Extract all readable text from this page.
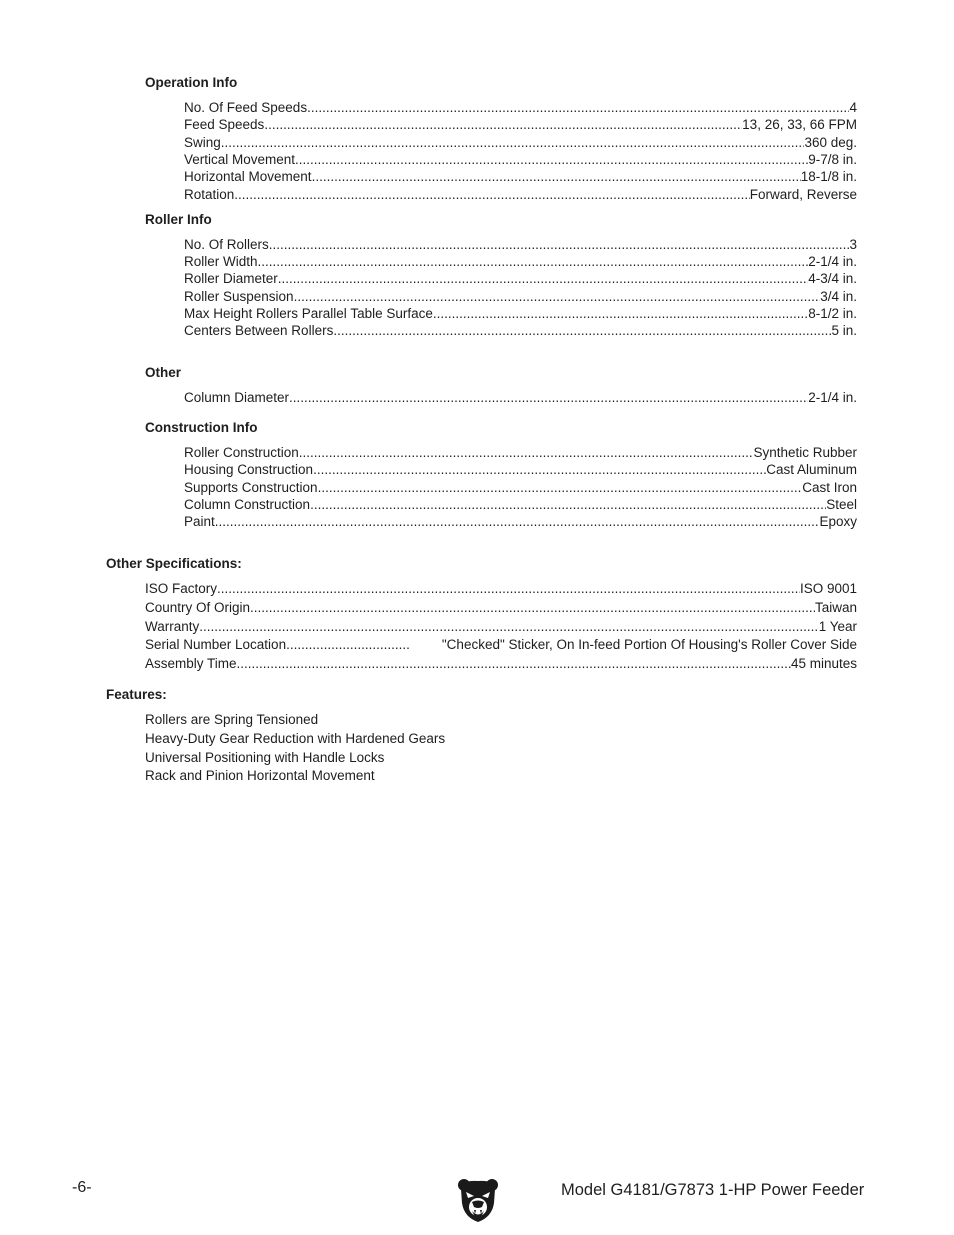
Operation Info
No. Of Feed Speeds .....	4
Feed Speeds .....	13, 26, 33, 66 FPM
Swing .....	360 deg.
Vertical Movement .....	9-7/8 in.
Horizontal Movement .....	18-1/8 in.
Rotation .....	Forward, Reverse
Roller Info
No. Of Rollers .....	3
Roller Width .....	2-1/4 in.
Roller Diameter .....	4-3/4 in.
Roller Suspension .....	3/4 in.
Max Height Rollers Parallel Table Surface .....	8-1/2 in.
Centers Between Rollers .....	5 in.
Other
Column Diameter .....	2-1/4 in.
Construction Info
Roller Construction .....	Synthetic Rubber
Housing Construction .....	Cast Aluminum
Supports Construction .....	Cast Iron
Column Construction .....	Steel
Paint .....	Epoxy
Other Specifications:
ISO Factory .....	ISO 9001
Country Of Origin .....	Taiwan
Warranty .....	1 Year
Serial Number Location .....	"Checked" Sticker, On In-feed Portion Of Housing's Roller Cover Side
Assembly Time .....	45 minutes
Features:
Rollers are Spring Tensioned
Heavy-Duty Gear Reduction with Hardened Gears
Universal Positioning with Handle Locks
Rack and Pinion Horizontal Movement
-6-	Model G4181/G7873 1-HP Power Feeder
